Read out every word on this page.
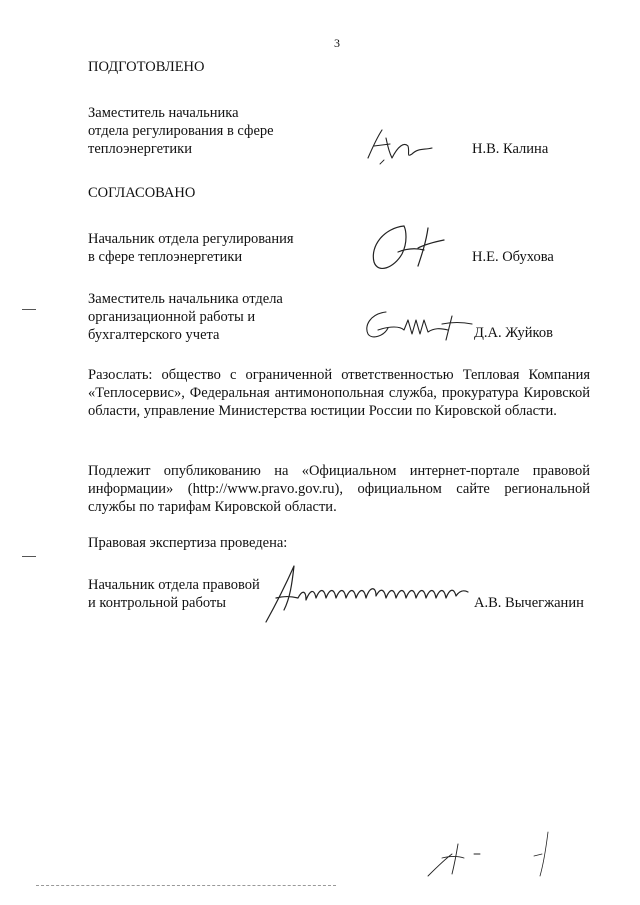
3
ПОДГОТОВЛЕНО
Заместитель начальника
отдела регулирования в сфере
теплоэнергетики	Н.В. Калина
СОГЛАСОВАНО
Начальник отдела регулирования
в сфере теплоэнергетики	Н.Е. Обухова
Заместитель начальника отдела
организационной работы и
бухгалтерского учета	Д.А. Жуйков
Разослать: общество с ограниченной ответственностью Тепловая Компания «Теплосервис», Федеральная антимонопольная служба, прокуратура Кировской области, управление Министерства юстиции России по Кировской области.
Подлежит опубликованию на «Официальном интернет-портале правовой информации» (http://www.pravo.gov.ru), официальном сайте региональной службы по тарифам Кировской области.
Правовая экспертиза проведена:
Начальник отдела правовой
и контрольной работы	А.В. Вычегжанин
